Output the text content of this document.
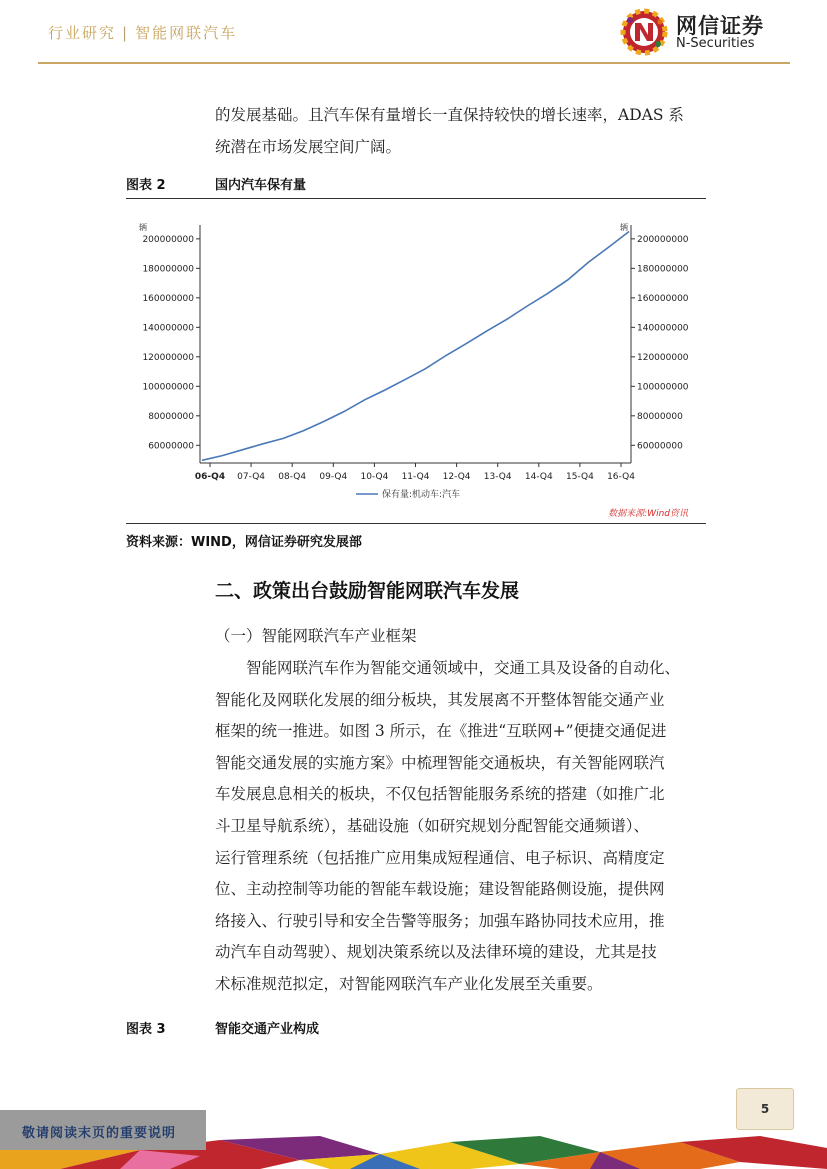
行业研究 | 智能网联汽车	网信证券
N-Securities
的发展基础。且汽车保有量增长一直保持较快的增长速率，ADAS 系
统潜在市场发展空间广阔。
图表 2	国内汽车保有量
60000000
80000000
100000000
120000000
140000000
160000000
180000000
200000000
60000000
80000000
100000000
120000000
140000000
160000000
180000000
200000000
06-Q4 07-Q4 08-Q4 09-Q4 10-Q4 11-Q4 12-Q4 13-Q4 14-Q4 15-Q4 16-Q4
辆	辆
保有量:机动车:汽车
数据来源:Wind资讯
资料来源：WIND，网信证券研究发展部
二、政策出台鼓励智能网联汽车发展
（一）智能网联汽车产业框架
智能网联汽车作为智能交通领域中，交通工具及设备的自动化、
智能化及网联化发展的细分板块，其发展离不开整体智能交通产业
框架的统一推进。如图 3 所示，在《推进“互联网+”便捷交通促进
智能交通发展的实施方案》中梳理智能交通板块，有关智能网联汽
车发展息息相关的板块，不仅包括智能服务系统的搭建（如推广北
斗卫星导航系统），基础设施（如研究规划分配智能交通频谱）、
运行管理系统（包括推广应用集成短程通信、电子标识、高精度定
位、主动控制等功能的智能车载设施；建设智能路侧设施，提供网
络接入、行驶引导和安全告警等服务；加强车路协同技术应用，推
动汽车自动驾驶）、规划决策系统以及法律环境的建设，尤其是技
术标准规范拟定，对智能网联汽车产业化发展至关重要。
图表 3	智能交通产业构成
5
敬请阅读末页的重要说明
